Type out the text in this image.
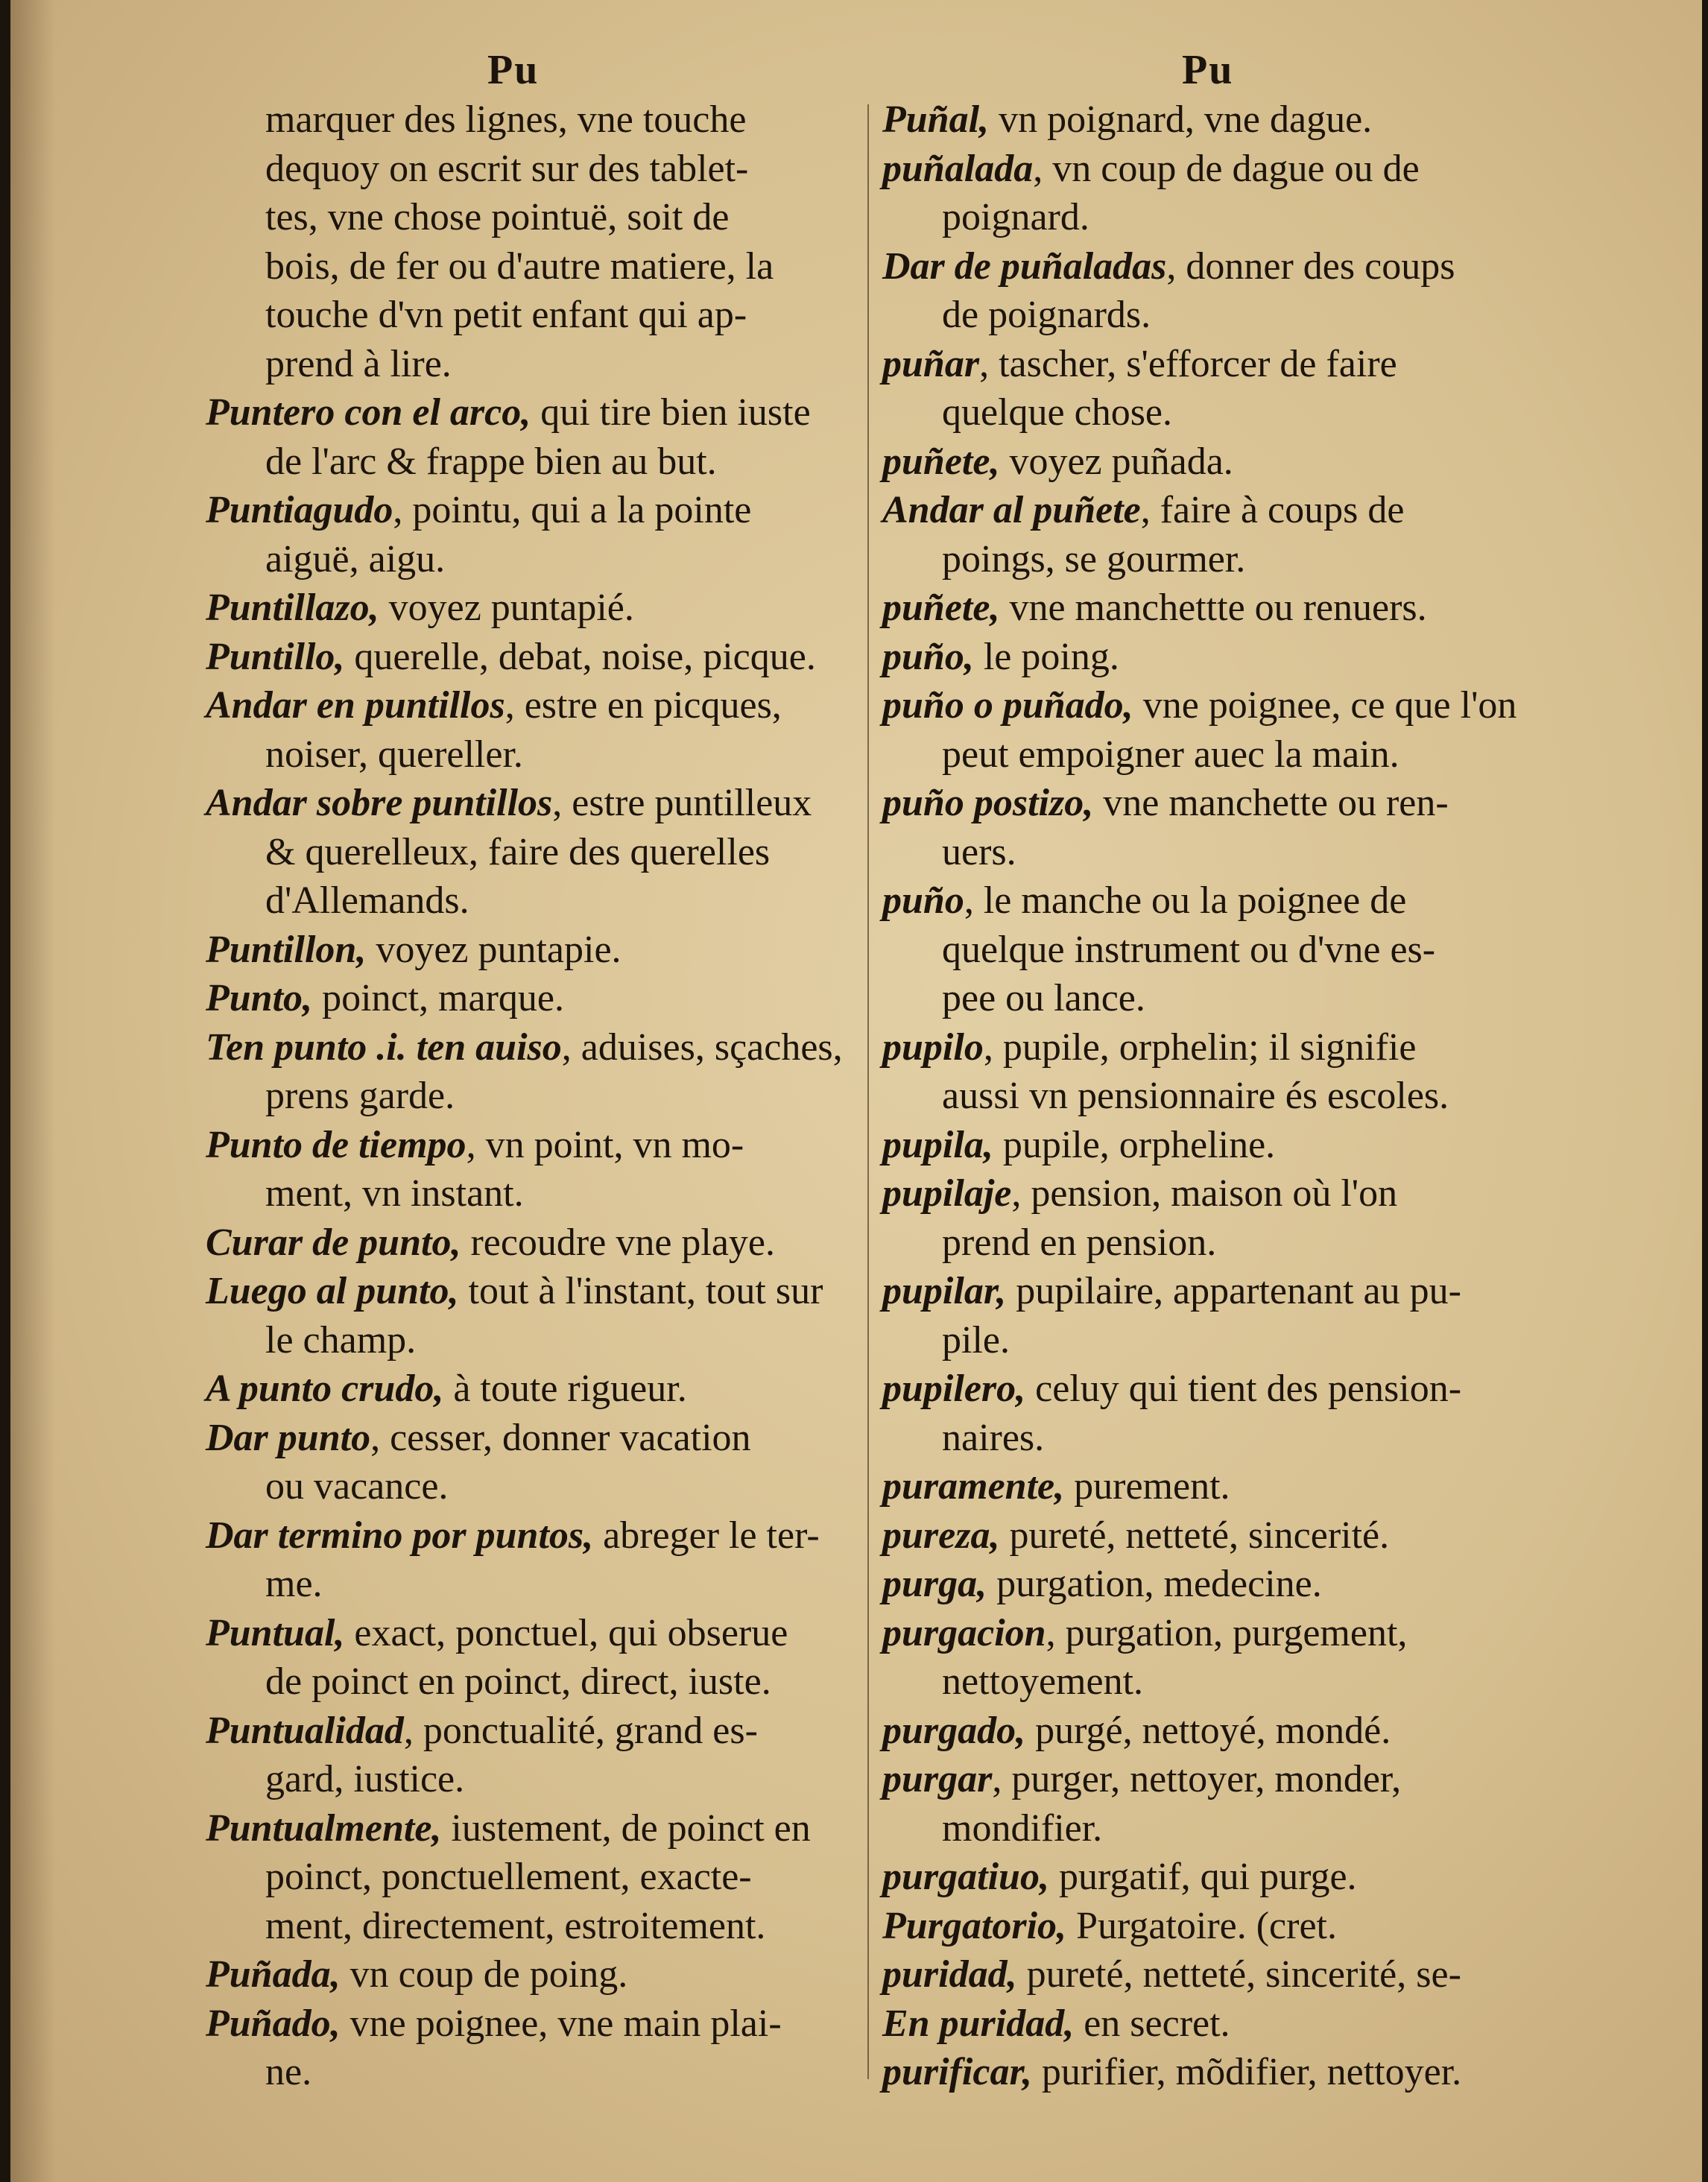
Pu	Pu
marquer des lignes, vne touche
dequoy on escrit sur des tablet-
tes, vne chose pointuë, soit de
bois, de fer ou d'autre matiere, la
touche d'vn petit enfant qui ap-
prend à lire.
Puntero con el arco, qui tire bien iuste
de l'arc & frappe bien au but.
Puntiagudo, pointu, qui a la pointe
aiguë, aigu.
Puntillazo, voyez puntapié.
Puntillo, querelle, debat, noise, picque.
Andar en puntillos, estre en picques,
noiser, quereller.
Andar sobre puntillos, estre puntilleux
& querelleux, faire des querelles
d'Allemands.
Puntillon, voyez puntapie.
Punto, poinct, marque.
Ten punto .i. ten auiso, aduises, sçaches,
prens garde.
Punto de tiempo, vn point, vn mo-
ment, vn instant.
Curar de punto, recoudre vne playe.
Luego al punto, tout à l'instant, tout sur
le champ.
A punto crudo, à toute rigueur.
Dar punto, cesser, donner vacation
ou vacance.
Dar termino por puntos, abreger le ter-
me.
Puntual, exact, ponctuel, qui obserue
de poinct en poinct, direct, iuste.
Puntualidad, ponctualité, grand es-
gard, iustice.
Puntualmente, iustement, de poinct en
poinct, ponctuellement, exacte-
ment, directement, estroitement.
Puñada, vn coup de poing.
Puñado, vne poignee, vne main plai-
ne.
Puñal, vn poignard, vne dague.
puñalada, vn coup de dague ou de
poignard.
Dar de puñaladas, donner des coups
de poignards.
puñar, tascher, s'efforcer de faire
quelque chose.
puñete, voyez puñada.
Andar al puñete, faire à coups de
poings, se gourmer.
puñete, vne manchettte ou renuers.
puño, le poing.
puño o puñado, vne poignee, ce que l'on
peut empoigner auec la main.
puño postizo, vne manchette ou ren-
uers.
puño, le manche ou la poignee de
quelque instrument ou d'vne es-
pee ou lance.
pupilo, pupile, orphelin; il signifie
aussi vn pensionnaire és escoles.
pupila, pupile, orpheline.
pupilaje, pension, maison où l'on
prend en pension.
pupilar, pupilaire, appartenant au pu-
pile.
pupilero, celuy qui tient des pension-
naires.
puramente, purement.
pureza, pureté, netteté, sincerité.
purga, purgation, medecine.
purgacion, purgation, purgement,
nettoyement.
purgado, purgé, nettoyé, mondé.
purgar, purger, nettoyer, monder,
mondifier.
purgatiuo, purgatif, qui purge.
Purgatorio, Purgatoire. (cret.
puridad, pureté, netteté, sincerité, se-
En puridad, en secret.
purificar, purifier, mõdifier, nettoyer.
